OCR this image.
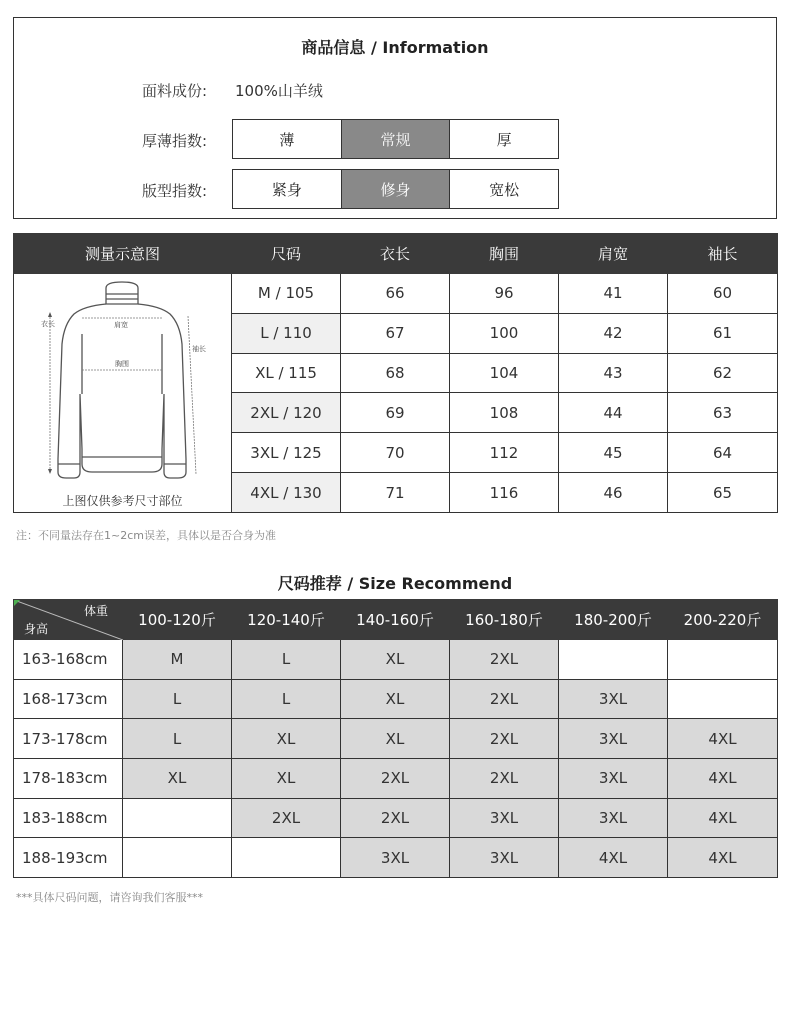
商品信息 / Information
面料成份: 100%山羊绒
厚薄指数:	薄	常规	厚
版型指数:	紧身	修身	宽松
测量示意图	尺码	衣长	胸围	肩宽	袖长

衣长 肩宽
胸围
袖长
上图仅供参考尺寸部位	M / 105	66	96	41	60
	L / 110	67	100	42	61
	XL / 115	68	104	43	62
	2XL / 120	69	108	44	63
	3XL / 125	70	112	45	64
	4XL / 130	71	116	46	65
注：不同量法存在1~2cm误差，具体以是否合身为准
尺码推荐 / Size Recommend
体重
身高	100-120斤	120-140斤	140-160斤	160-180斤	180-200斤	200-220斤
163-168cm	M	L	XL	2XL		
168-173cm	L	L	XL	2XL	3XL	
173-178cm	L	XL	XL	2XL	3XL	4XL
178-183cm	XL	XL	2XL	2XL	3XL	4XL
183-188cm		2XL	2XL	3XL	3XL	4XL
188-193cm			3XL	3XL	4XL	4XL
***具体尺码问题，请咨询我们客服***
